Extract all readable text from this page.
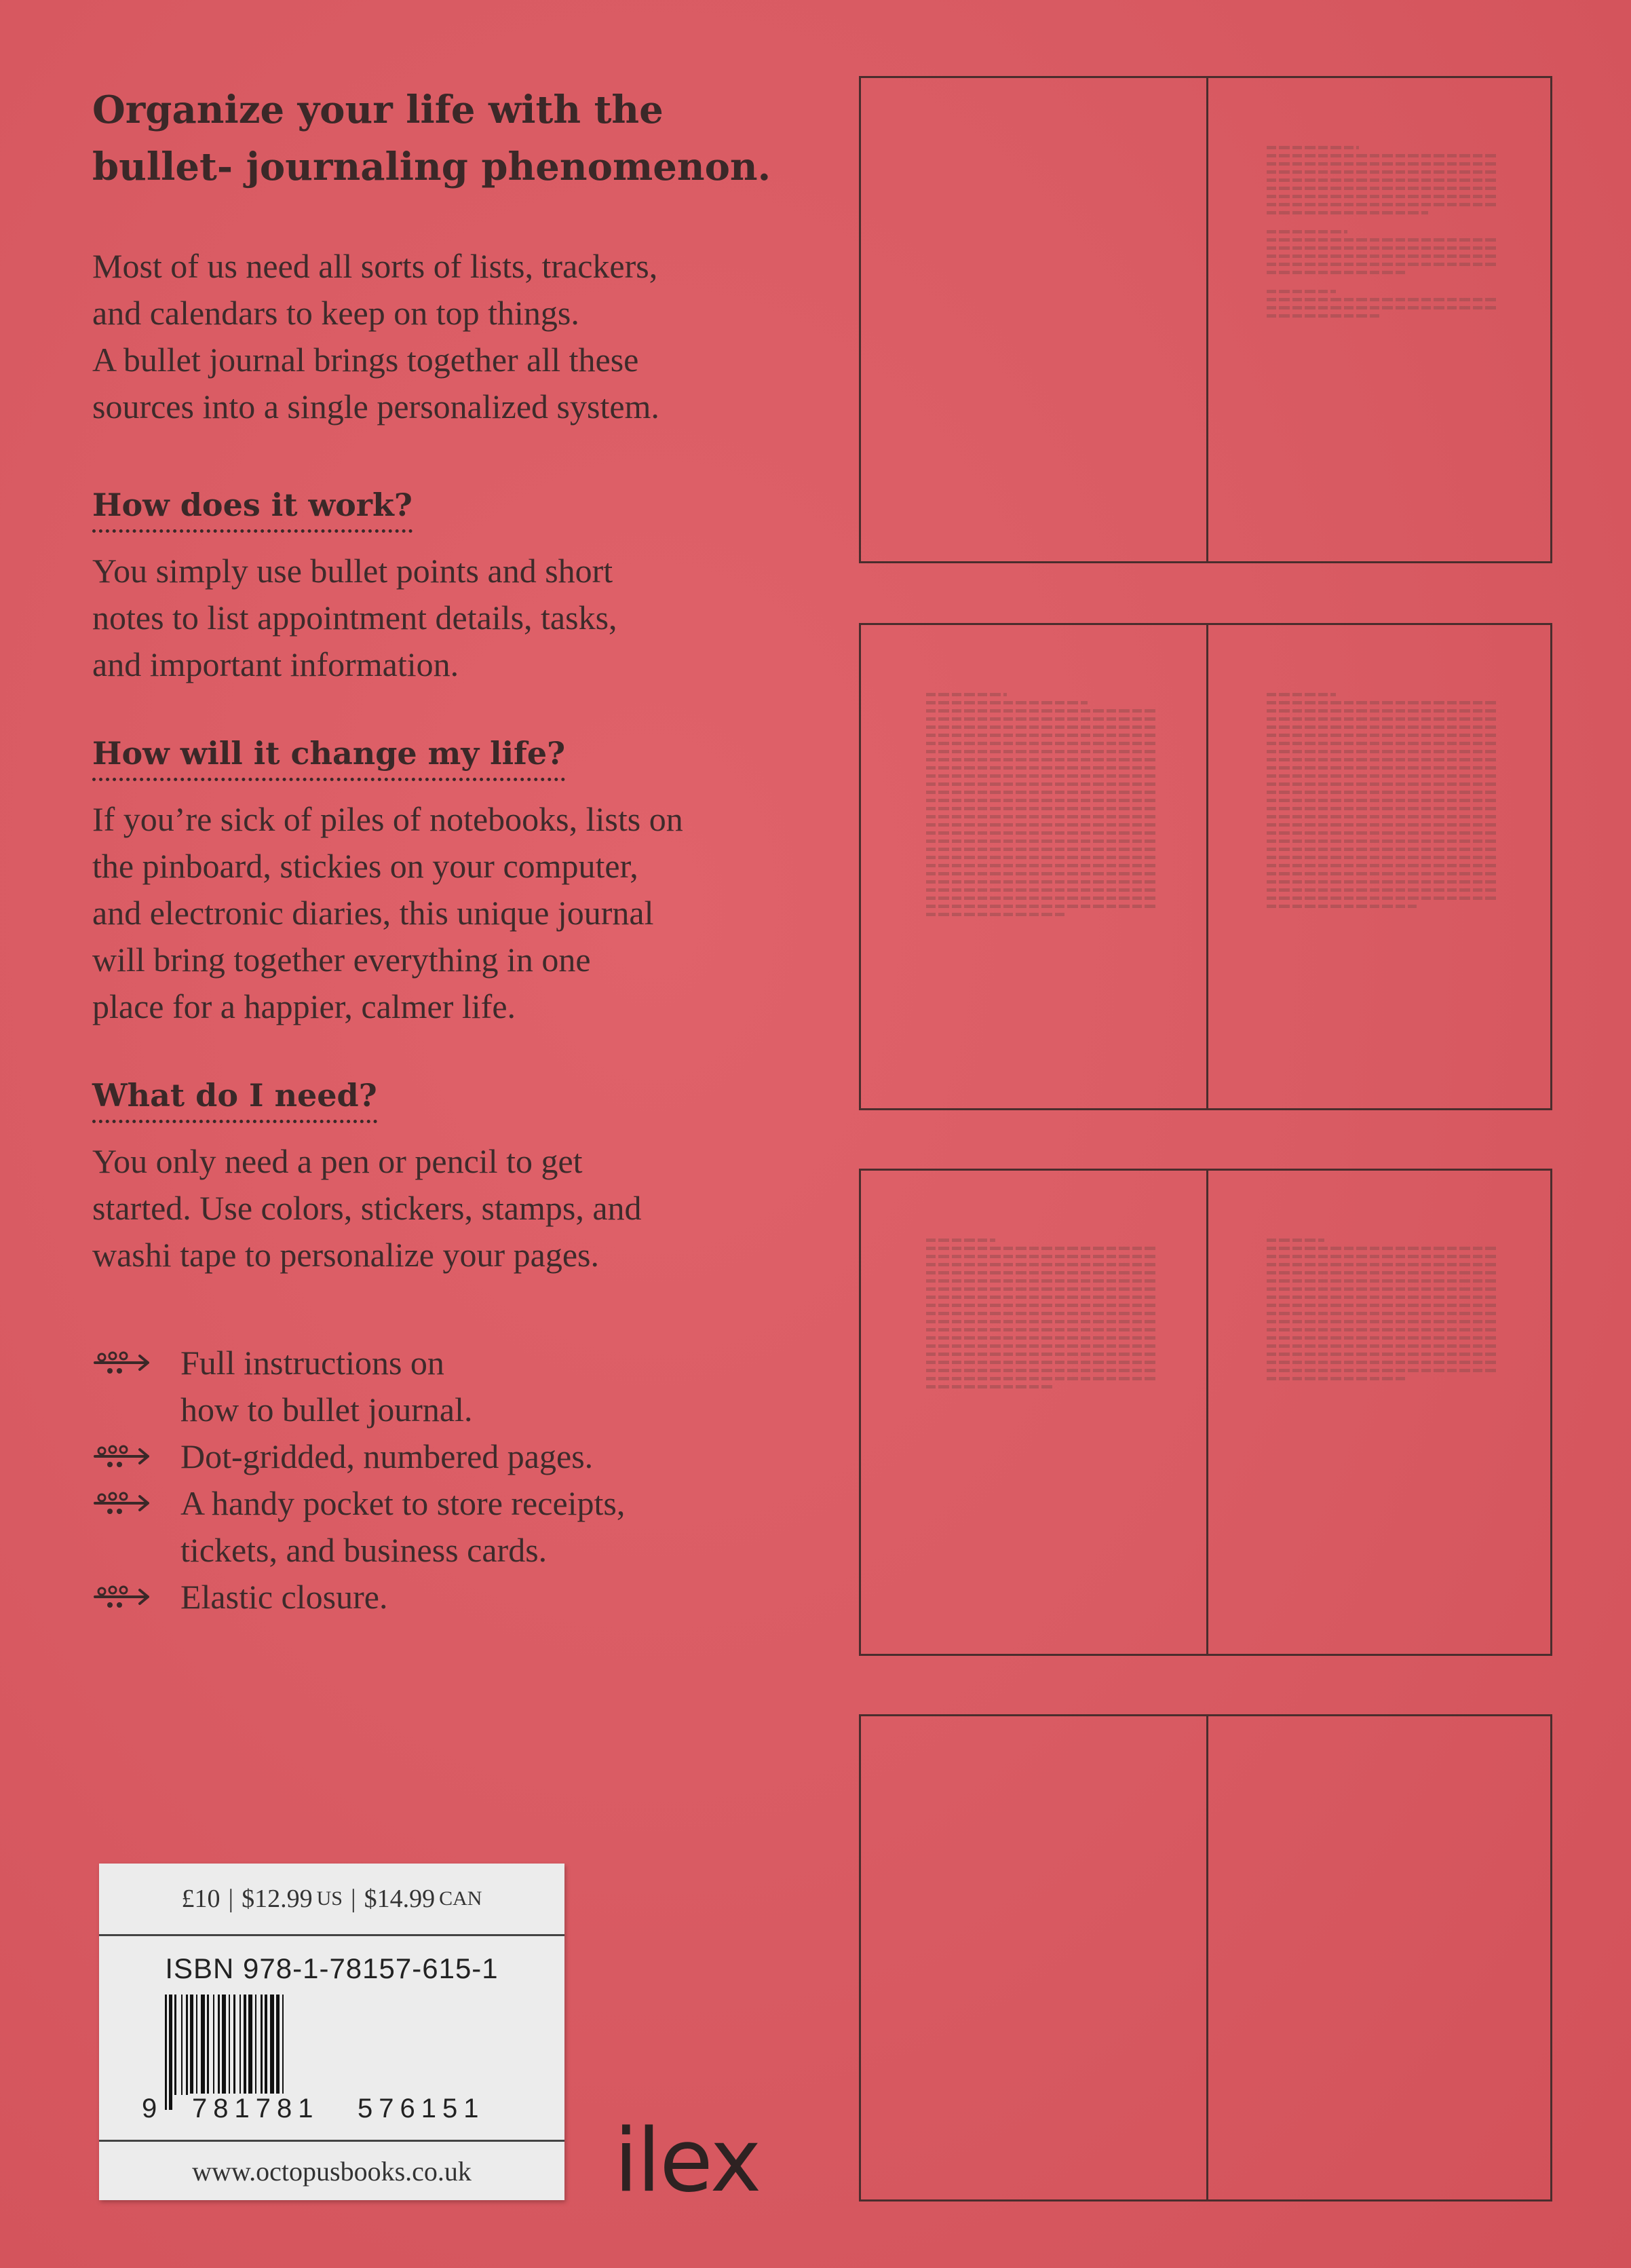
Organize your life with the
bullet- journaling phenomenon.

Most of us need all sorts of lists, trackers,
and calendars to keep on top things.
A bullet journal brings together all these
sources into a single personalized system.

How does it work?

You simply use bullet points and short
notes to list appointment details, tasks,
and important information.

How will it change my life?

If you’re sick of piles of notebooks, lists on
the pinboard, stickies on your computer,
and electronic diaries, this unique journal
will bring together everything in one
place for a happier, calmer life.

What do I need?

You only need a pen or pencil to get
started. Use colors, stickers, stamps, and
washi tape to personalize your pages.

Full instructions on
how to bullet journal.
Dot-gridded, numbered pages.
A handy pocket to store receipts,
tickets, and business cards.
Elastic closure.
£10 | $12.99 US | $14.99 CAN
ISBN 978-1-78157-615-1
9 781781 576151
www.octopusbooks.co.uk	ilex
